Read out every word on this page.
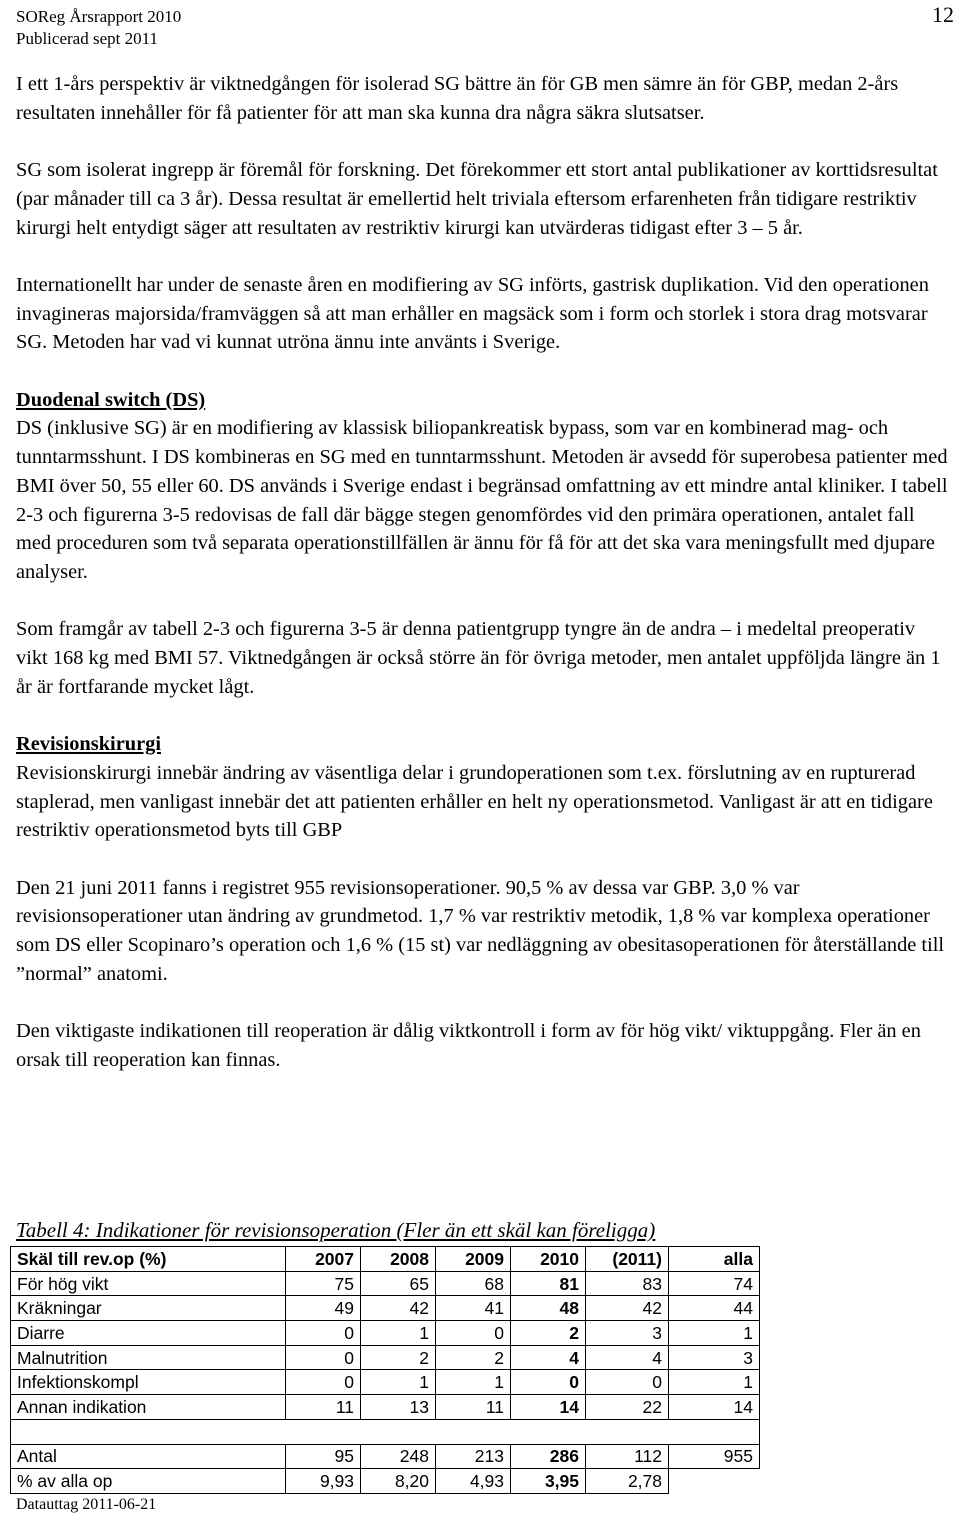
SOReg Årsrapport 2010
Publicerad sept 2011
12

I ett 1-års perspektiv är viktnedgången för isolerad SG bättre än för GB men sämre än för GBP, medan 2-års resultaten innehåller för få patienter för att man ska kunna dra några säkra slutsatser.

SG som isolerat ingrepp är föremål för forskning. Det förekommer ett stort antal publikationer av korttidsresultat (par månader till ca 3 år). Dessa resultat är emellertid helt triviala eftersom erfarenheten från tidigare restriktiv kirurgi helt entydigt säger att resultaten av restriktiv kirurgi kan utvärderas tidigast efter 3 – 5 år.

Internationellt har under de senaste åren en modifiering av SG införts, gastrisk duplikation. Vid den operationen invagineras majorsida/framväggen så att man erhåller en magsäck som i form och storlek i stora drag motsvarar SG. Metoden har vad vi kunnat utröna ännu inte använts i Sverige.

Duodenal switch (DS)

DS (inklusive SG) är en modifiering av klassisk biliopankreatisk bypass, som var en kombinerad mag- och tunntarmsshunt. I DS kombineras en SG med en tunntarmsshunt. Metoden är avsedd för superobesa patienter med BMI över 50, 55 eller 60. DS används i Sverige endast i begränsad omfattning av ett mindre antal kliniker. I tabell 2-3 och figurerna 3-5 redovisas de fall där bägge stegen genomfördes vid den primära operationen, antalet fall med proceduren som två separata operationstillfällen är ännu för få för att det ska vara meningsfullt med djupare analyser.

Som framgår av tabell 2-3 och figurerna 3-5 är denna patientgrupp tyngre än de andra – i medeltal preoperativ vikt 168 kg med BMI 57. Viktnedgången är också större än för övriga metoder, men antalet uppföljda längre än 1 år är fortfarande mycket lågt.

Revisionskirurgi

Revisionskirurgi innebär ändring av väsentliga delar i grundoperationen som t.ex. förslutning av en rupturerad staplerad, men vanligast innebär det att patienten erhåller en helt ny operationsmetod. Vanligast är att en tidigare restriktiv operationsmetod byts till GBP

Den 21 juni 2011 fanns i registret 955 revisionsoperationer. 90,5 % av dessa var GBP. 3,0 % var revisionsoperationer utan ändring av grundmetod. 1,7 % var restriktiv metodik, 1,8 % var komplexa operationer som DS eller Scopinaro’s operation och 1,6 % (15 st) var nedläggning av obesitasoperationen för återställande till ”normal” anatomi.

Den viktigaste indikationen till reoperation är dålig viktkontroll i form av för hög vikt/ viktuppgång. Fler än en orsak till reoperation kan finnas.

Tabell 4: Indikationer för revisionsoperation (Fler än ett skäl kan föreligga)
Skäl till rev.op (%)	2007	2008	2009	2010	(2011)	alla
För hög vikt	75	65	68	81	83	74
Kräkningar	49	42	41	48	42	44
Diarre	0	1	0	2	3	1
Malnutrition	0	2	2	4	4	3
Infektionskompl	0	1	1	0	0	1
Annan indikation	11	13	11	14	22	14

Antal	95	248	213	286	112	955
% av alla op	9,93	8,20	4,93	3,95	2,78	
Datauttag 2011-06-21
